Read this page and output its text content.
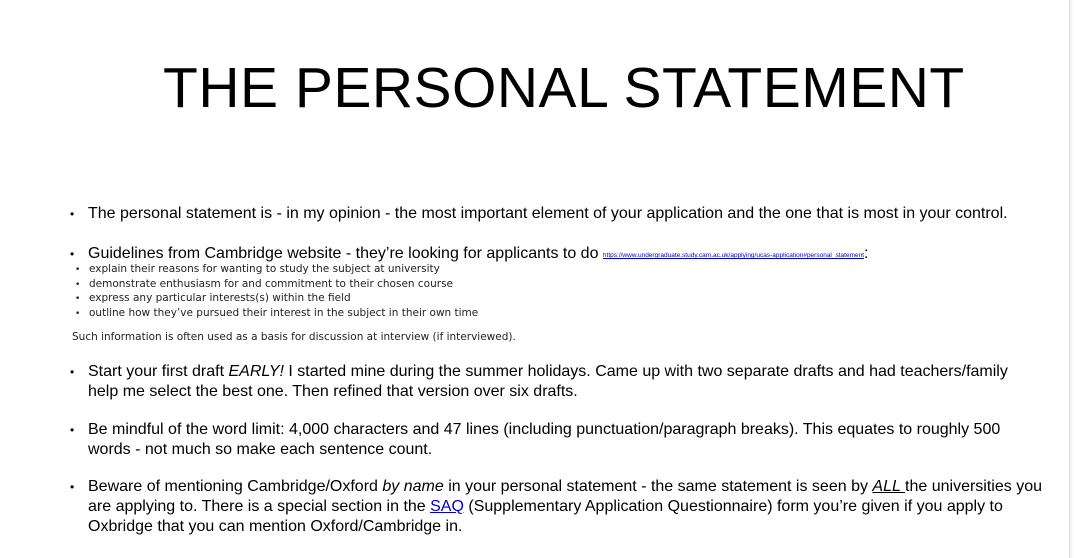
THE PERSONAL STATEMENT
• The personal statement is - in my opinion - the most important element of your application and the one that is most in your control.
• Guidelines from Cambridge website - they’re looking for applicants to do https://www.undergraduate.study.cam.ac.uk/applying/ucas-application#personal_statement:
• explain their reasons for wanting to study the subject at university
• demonstrate enthusiasm for and commitment to their chosen course
• express any particular interests(s) within the field
• outline how they’ve pursued their interest in the subject in their own time
Such information is often used as a basis for discussion at interview (if interviewed).
• Start your first draft EARLY! I started mine during the summer holidays. Came up with two separate drafts and had teachers/family
help me select the best one. Then refined that version over six drafts.
• Be mindful of the word limit: 4,000 characters and 47 lines (including punctuation/paragraph breaks). This equates to roughly 500
words - not much so make each sentence count.
• Beware of mentioning Cambridge/Oxford by name in your personal statement - the same statement is seen by ALL the universities you
are applying to. There is a special section in the SAQ (Supplementary Application Questionnaire) form you’re given if you apply to
Oxbridge that you can mention Oxford/Cambridge in.
